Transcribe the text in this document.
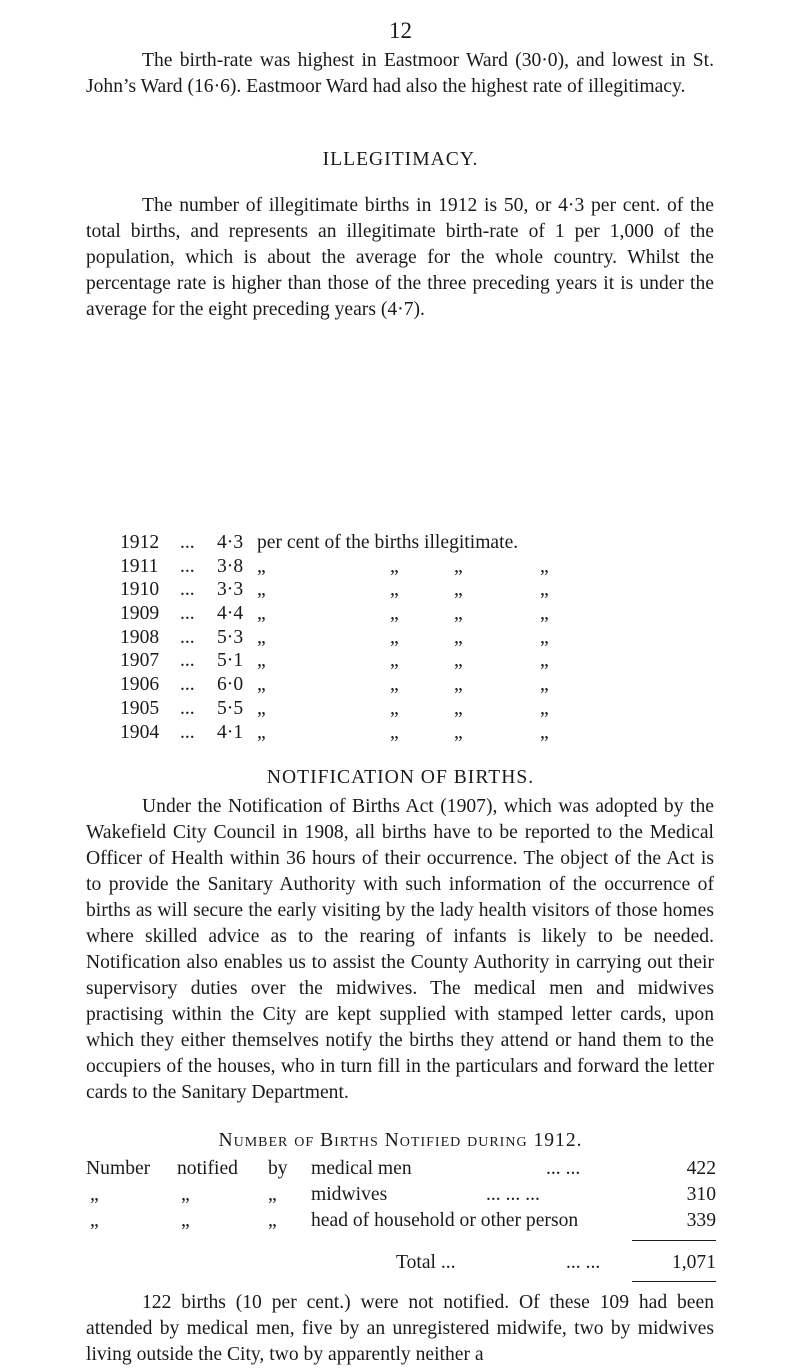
12

The birth-rate was highest in Eastmoor Ward (30·0), and lowest in St. John’s Ward (16·6). Eastmoor Ward had also the highest rate of illegitimacy.

ILLEGITIMACY.

The number of illegitimate births in 1912 is 50, or 4·3 per cent. of the total births, and represents an illegitimate birth-rate of 1 per 1,000 of the population, which is about the average for the whole country. Whilst the percentage rate is higher than those of the three preceding years it is under the average for the eight preceding years (4·7).

1912 ... 4·3 per cent of the births illegitimate.
1911 ... 3·8 „	„	„	„
1910 ... 3·3 „	„	„	„
1909 ... 4·4 „	„	„	„
1908 ... 5·3 „	„	„	„
1907 ... 5·1 „	„	„	„
1906 ... 6·0 „	„	„	„
1905 ... 5·5 „	„	„	„
1904 ... 4·1 „	„	„	„

NOTIFICATION OF BIRTHS.

Under the Notification of Births Act (1907), which was adopted by the Wakefield City Council in 1908, all births have to be reported to the Medical Officer of Health within 36 hours of their occurrence. The object of the Act is to provide the Sanitary Authority with such information of the occurrence of births as will secure the early visiting by the lady health visitors of those homes where skilled advice as to the rearing of infants is likely to be needed. Notification also enables us to assist the County Authority in carrying out their supervisory duties over the midwives. The medical men and midwives practising within the City are kept supplied with stamped letter cards, upon which they either themselves notify the births they attend or hand them to the occupiers of the houses, who in turn fill in the particulars and forward the letter cards to the Sanitary Department.

Number of Births Notified during 1912.

Number notified by medical men	... ...	422
„	„	„ midwives	... ... ...	310
„	„	„ head of household or other person	339
Total ...	... ...	1,071

122 births (10 per cent.) were not notified. Of these 109 had been attended by medical men, five by an unregistered midwife, two by midwives living outside the City, two by apparently neither a
